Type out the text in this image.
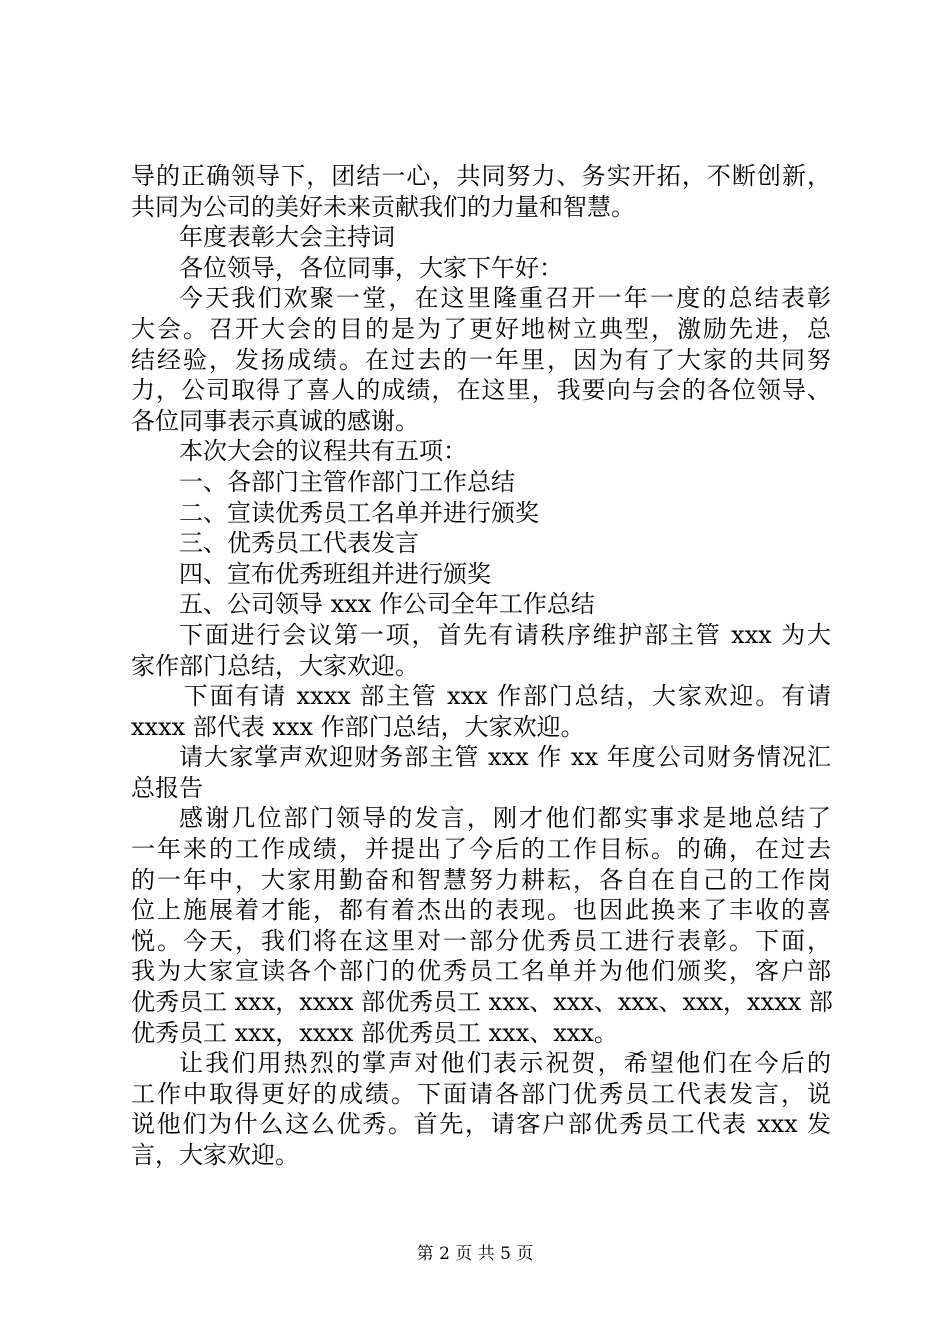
导的正确领导下，团结一心，共同努力、务实开拓，不断创新，
共同为公司的美好未来贡献我们的力量和智慧。
年度表彰大会主持词
各位领导，各位同事，大家下午好：
今天我们欢聚一堂，在这里隆重召开一年一度的总结表彰
大会。召开大会的目的是为了更好地树立典型，激励先进，总
结经验，发扬成绩。在过去的一年里，因为有了大家的共同努
力，公司取得了喜人的成绩，在这里，我要向与会的各位领导、
各位同事表示真诚的感谢。
本次大会的议程共有五项：
一、各部门主管作部门工作总结
二、宣读优秀员工名单并进行颁奖
三、优秀员工代表发言
四、宣布优秀班组并进行颁奖
五、公司领导 xxx 作公司全年工作总结
下面进行会议第一项，首先有请秩序维护部主管 xxx 为大
家作部门总结，大家欢迎。
下面有请 xxxx 部主管 xxx 作部门总结，大家欢迎。有请
xxxx 部代表 xxx 作部门总结，大家欢迎。
请大家掌声欢迎财务部主管 xxx 作 xx 年度公司财务情况汇
总报告
感谢几位部门领导的发言，刚才他们都实事求是地总结了
一年来的工作成绩，并提出了今后的工作目标。的确，在过去
的一年中，大家用勤奋和智慧努力耕耘，各自在自己的工作岗
位上施展着才能，都有着杰出的表现。也因此换来了丰收的喜
悦。今天，我们将在这里对一部分优秀员工进行表彰。下面，
我为大家宣读各个部门的优秀员工名单并为他们颁奖，客户部
优秀员工 xxx，xxxx 部优秀员工 xxx、xxx、xxx、xxx，xxxx 部
优秀员工 xxx，xxxx 部优秀员工 xxx、xxx。
让我们用热烈的掌声对他们表示祝贺，希望他们在今后的
工作中取得更好的成绩。下面请各部门优秀员工代表发言，说
说他们为什么这么优秀。首先，请客户部优秀员工代表 xxx 发
言，大家欢迎。
第 2 页 共 5 页
